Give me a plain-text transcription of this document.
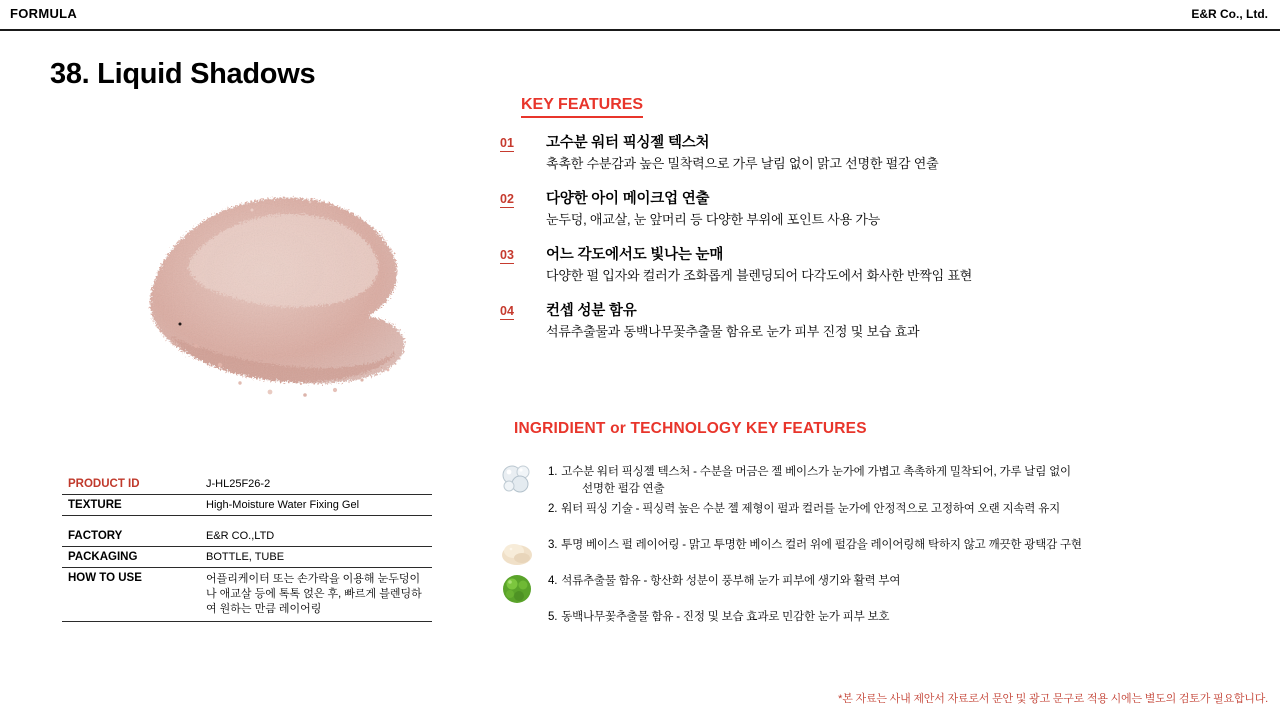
FORMULA	E&R Co., Ltd.
38. Liquid Shadows
PRODUCT ID	J-HL25F26-2
TEXTURE	High-Moisture Water Fixing Gel

FACTORY	E&R CO.,LTD
PACKAGING	BOTTLE, TUBE
HOW TO USE	어플리케이터 또는 손가락을 이용해 눈두덩이나 애교살 등에 톡톡 얹은 후, 빠르게 블렌딩하여 원하는 만큼 레이어링
KEY FEATURES
01 고수분 워터 픽싱젤 텍스처
촉촉한 수분감과 높은 밀착력으로 가루 날림 없이 맑고 선명한 펄감 연출
02 다양한 아이 메이크업 연출
눈두덩, 애교살, 눈 앞머리 등 다양한 부위에 포인트 사용 가능
03 어느 각도에서도 빛나는 눈매
다양한 펄 입자와 컬러가 조화롭게 블렌딩되어 다각도에서 화사한 반짝임 표현
04 컨셉 성분 함유
석류추출물과 동백나무꽃추출물 함유로 눈가 피부 진정 및 보습 효과
INGRIDIENT or TECHNOLOGY KEY FEATURES
1. 고수분 워터 픽싱젤 텍스처 - 수분을 머금은 젤 베이스가 눈가에 가볍고 촉촉하게 밀착되어, 가루 날림 없이
선명한 펄감 연출
2. 워터 픽싱 기술 - 픽싱력 높은 수분 젤 제형이 펄과 컬러를 눈가에 안정적으로 고정하여 오랜 지속력 유지
3. 투명 베이스 펄 레이어링 - 맑고 투명한 베이스 컬러 위에 펄감을 레이어링해 탁하지 않고 깨끗한 광택감 구현
4. 석류추출물 함유 - 항산화 성분이 풍부해 눈가 피부에 생기와 활력 부여
5. 동백나무꽃추출물 함유 - 진정 및 보습 효과로 민감한 눈가 피부 보호
*본 자료는 사내 제안서 자료로서 문안 및 광고 문구로 적용 시에는 별도의 검토가 필요합니다.
